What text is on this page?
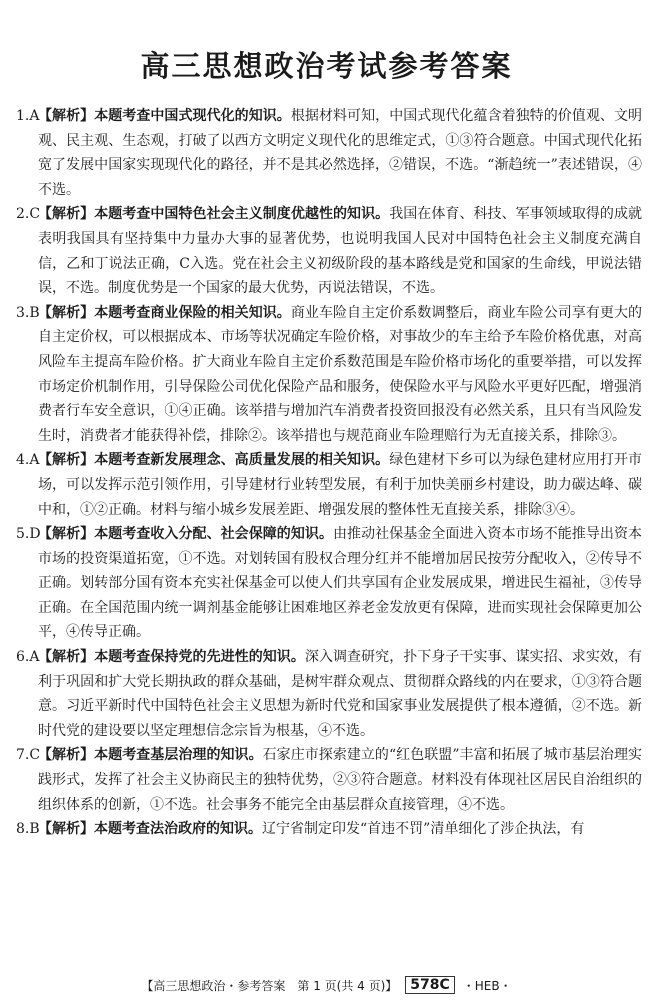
高三思想政治考试参考答案
1.A
【解析】本题考查中国式现代化的知识。根据材料可知，中国式现代化蕴含着独特的价值观、文明观、民主观、生态观，打破了以西方文明定义现代化的思维定式，①③符合题意。中国式现代化拓宽了发展中国家实现现代化的路径，并不是其必然选择，②错误，不选。“渐趋统一”表述错误，④不选。
2.C
【解析】本题考查中国特色社会主义制度优越性的知识。我国在体育、科技、军事领域取得的成就表明我国具有坚持集中力量办大事的显著优势，也说明我国人民对中国特色社会主义制度充满自信，乙和丁说法正确，C入选。党在社会主义初级阶段的基本路线是党和国家的生命线，甲说法错误，不选。制度优势是一个国家的最大优势，丙说法错误，不选。
3.B
【解析】本题考查商业保险的相关知识。商业车险自主定价系数调整后，商业车险公司享有更大的自主定价权，可以根据成本、市场等状况确定车险价格，对事故少的车主给予车险价格优惠，对高风险车主提高车险价格。扩大商业车险自主定价系数范围是车险价格市场化的重要举措，可以发挥市场定价机制作用，引导保险公司优化保险产品和服务，使保险水平与风险水平更好匹配，增强消费者行车安全意识，①④正确。该举措与增加汽车消费者投资回报没有必然关系，且只有当风险发生时，消费者才能获得补偿，排除②。该举措也与规范商业车险理赔行为无直接关系，排除③。
4.A
【解析】本题考查新发展理念、高质量发展的相关知识。绿色建材下乡可以为绿色建材应用打开市场，可以发挥示范引领作用，引导建材行业转型发展，有利于加快美丽乡村建设，助力碳达峰、碳中和，①②正确。材料与缩小城乡发展差距、增强发展的整体性无直接关系，排除③④。
5.D
【解析】本题考查收入分配、社会保障的知识。由推动社保基金全面进入资本市场不能推导出资本市场的投资渠道拓宽，①不选。对划转国有股权合理分红并不能增加居民按劳分配收入，②传导不正确。划转部分国有资本充实社保基金可以使人们共享国有企业发展成果，增进民生福祉，③传导正确。在全国范围内统一调剂基金能够让困难地区养老金发放更有保障，进而实现社会保障更加公平，④传导正确。
6.A
【解析】本题考查保持党的先进性的知识。深入调查研究，扑下身子干实事、谋实招、求实效，有利于巩固和扩大党长期执政的群众基础，是树牢群众观点、贯彻群众路线的内在要求，①③符合题意。习近平新时代中国特色社会主义思想为新时代党和国家事业发展提供了根本遵循，②不选。新时代党的建设要以坚定理想信念宗旨为根基，④不选。
7.C
【解析】本题考查基层治理的知识。石家庄市探索建立的“红色联盟”丰富和拓展了城市基层治理实践形式，发挥了社会主义协商民主的独特优势，②③符合题意。材料没有体现社区居民自治组织的组织体系的创新，①不选。社会事务不能完全由基层群众直接管理，④不选。
8.B
【解析】本题考查法治政府的知识。辽宁省制定印发“首违不罚”清单细化了涉企执法，有
【高三思想政治・参考答案　第 1 页(共 4 页)】 578C	・HEB・
